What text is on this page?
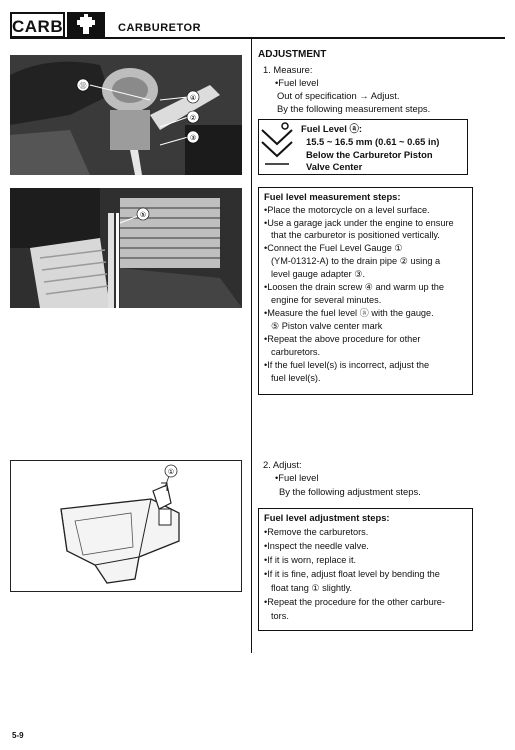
CARB	CARBURETOR
⑪
④
②
③
⑤
①
ADJUSTMENT
1. Measure:
•Fuel level
Out of specification → Adjust.
By the following measurement steps.
Fuel Level ⓐ:
15.5 ~ 16.5 mm (0.61 ~ 0.65 in)
Below the Carburetor Piston
Valve Center
Fuel level measurement steps:
•Place the motorcycle on a level surface.
•Use a garage jack under the engine to ensure
that the carburetor is positioned vertically.
•Connect the Fuel Level Gauge ①
(YM-01312-A) to the drain pipe ② using a
level gauge adapter ③.
•Loosen the drain screw ④ and warm up the
engine for several minutes.
•Measure the fuel level ⓐ with the gauge.
⑤ Piston valve center mark
•Repeat the above procedure for other
carburetors.
•If the fuel level(s) is incorrect, adjust the
fuel level(s).
2. Adjust:
•Fuel level
By the following adjustment steps.
Fuel level adjustment steps:
•Remove the carburetors.
•Inspect the needle valve.
•If it is worn, replace it.
•If it is fine, adjust float level by bending the
float tang ① slightly.
•Repeat the procedure for the other carbure-
tors.
5-9
